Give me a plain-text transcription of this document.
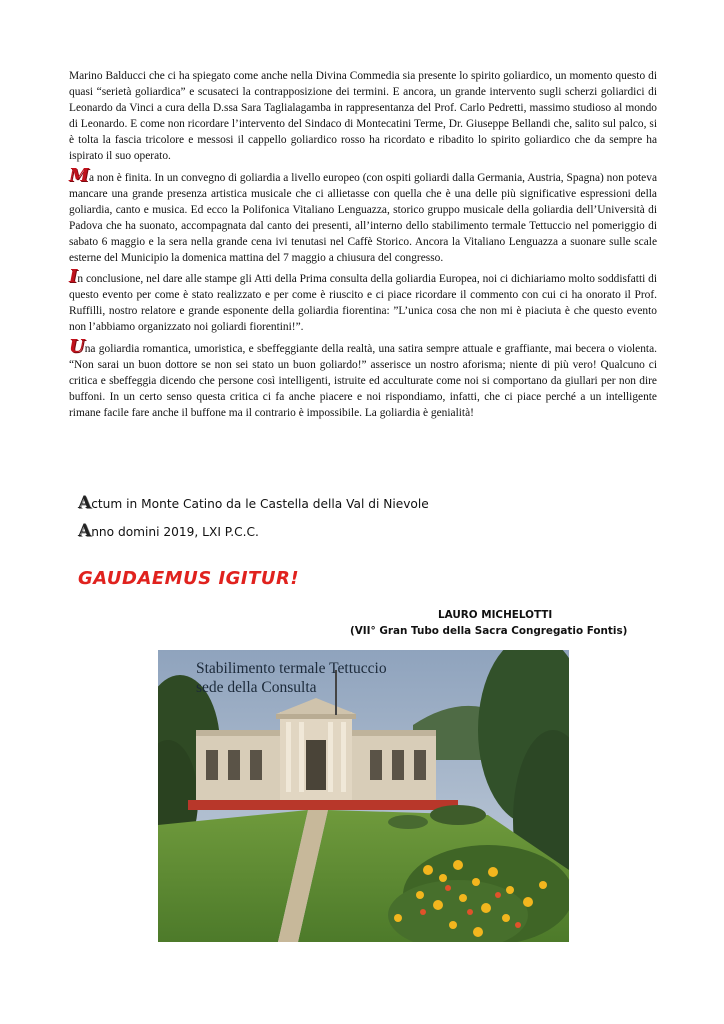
Marino Balducci che ci ha spiegato come anche nella Divina Commedia sia presente lo spirito goliardico, un momento questo di quasi “serietà goliardica” e scusateci la contrapposizione dei termini. E ancora, un grande intervento sugli scherzi goliardici di Leonardo da Vinci a cura della D.ssa Sara Taglialagamba in rappresentanza del Prof. Carlo Pedretti, massimo studioso al mondo di Leonardo. E come non ricordare l’intervento del Sindaco di Montecatini Terme, Dr. Giuseppe Bellandi che, salito sul palco, si è tolta la fascia tricolore e messosi il cappello goliardico rosso ha ricordato e ribadito lo spirito goliardico che da sempre ha ispirato il suo operato.

Ma non è finita. In un convegno di goliardia a livello europeo (con ospiti goliardi dalla Germania, Austria, Spagna) non poteva mancare una grande presenza artistica musicale che ci allietasse con quella che è una delle più significative espressioni della goliardia, canto e musica. Ed ecco la Polifonica Vitaliano Lenguazza, storico gruppo musicale della goliardia dell’Università di Padova che ha suonato, accompagnata dal canto dei presenti, all’interno dello stabilimento termale Tettuccio nel pomeriggio di sabato 6 maggio e la sera nella grande cena ivi tenutasi nel Caffè Storico. Ancora la Vitaliano Lenguazza a suonare sulle scale esterne del Municipio la domenica mattina del 7 maggio a chiusura del congresso.

In conclusione, nel dare alle stampe gli Atti della Prima consulta della goliardia Europea, noi ci dichiariamo molto soddisfatti di questo evento per come è stato realizzato e per come è riuscito e ci piace ricordare il commento con cui ci ha onorato il Prof. Ruffilli, nostro relatore e grande esponente della goliardia fiorentina: ”L’unica cosa che non mi è piaciuta è che questo evento non l’abbiamo organizzato noi goliardi fiorentini!”.

Una goliardia romantica, umoristica, e sbeffeggiante della realtà, una satira sempre attuale e graffiante, mai becera o violenta. “Non sarai un buon dottore se non sei stato un buon goliardo!” asserisce un nostro aforisma; niente di più vero! Qualcuno ci critica e sbeffeggia dicendo che persone così intelligenti, istruite ed acculturate come noi si comportano da giullari per non dire buffoni. In un certo senso questa critica ci fa anche piacere e noi rispondiamo, infatti, che ci piace perché a un intelligente rimane facile fare anche il buffone ma il contrario è impossibile. La goliardia è genialità!

Actum in Monte Catino da le Castella della Val di Nievole
Anno domini 2019, LXI P.C.C.
GAUDAEMUS IGITUR!
LAURO MICHELOTTI
(VII° Gran Tubo della Sacra Congregatio Fontis)
Stabilimento termale Tettuccio
sede della Consulta
